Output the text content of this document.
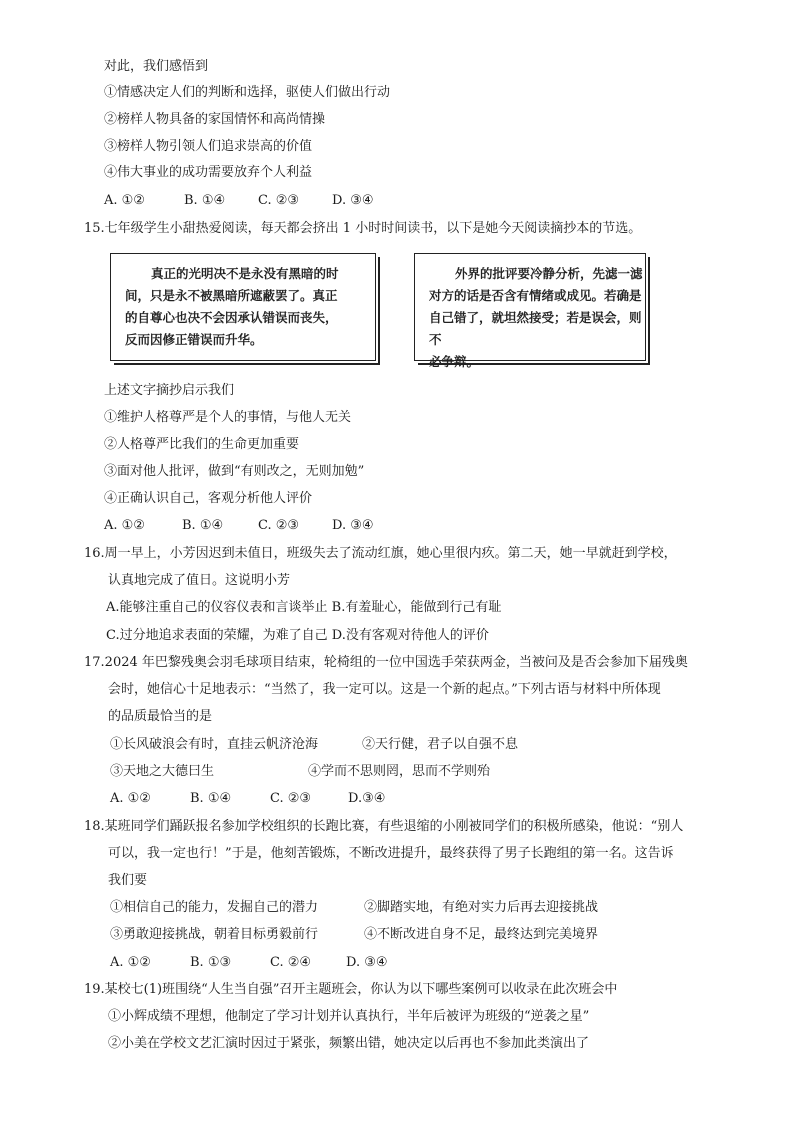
对此，我们感悟到
①情感决定人们的判断和选择，驱使人们做出行动
②榜样人物具备的家国情怀和高尚情操
③榜样人物引领人们追求崇高的价值
④伟大事业的成功需要放弃个人利益
A. ①②	B. ①④	C. ②③	D. ③④
15.七年级学生小甜热爱阅读，每天都会挤出 1 小时时间读书，以下是她今天阅读摘抄本的节选。
真正的光明决不是永没有黑暗的时
间，只是永不被黑暗所遮蔽罢了。真正
的自尊心也决不会因承认错误而丧失，
反而因修正错误而升华。
外界的批评要冷静分析，先滤一滤
对方的话是否含有情绪或成见。若确是
自己错了，就坦然接受；若是误会，则不
必争辩。
上述文字摘抄启示我们
①维护人格尊严是个人的事情，与他人无关
②人格尊严比我们的生命更加重要
③面对他人批评，做到“有则改之，无则加勉”
④正确认识自己，客观分析他人评价
A. ①②	B. ①④	C. ②③	D. ③④
16.周一早上，小芳因迟到未值日，班级失去了流动红旗，她心里很内疚。第二天，她一早就赶到学校，
认真地完成了值日。这说明小芳
A.能够注重自己的仪容仪表和言谈举止 B.有羞耻心，能做到行己有耻
C.过分地追求表面的荣耀，为难了自己 D.没有客观对待他人的评价
17.2024 年巴黎残奥会羽毛球项目结束，轮椅组的一位中国选手荣获两金，当被问及是否会参加下届残奥
会时，她信心十足地表示：“当然了，我一定可以。这是一个新的起点。”下列古语与材料中所体现
的品质最恰当的是
①长风破浪会有时，直挂云帆济沧海	②天行健，君子以自强不息
③天地之大德曰生	④学而不思则罔，思而不学则殆
A. ①②	B. ①④	C. ②③	D.③④
18.某班同学们踊跃报名参加学校组织的长跑比赛，有些退缩的小刚被同学们的积极所感染，他说：“别人
可以，我一定也行！”于是，他刻苦锻炼，不断改进提升，最终获得了男子长跑组的第一名。这告诉
我们要
①相信自己的能力，发掘自己的潜力	②脚踏实地，有绝对实力后再去迎接挑战
③勇敢迎接挑战，朝着目标勇毅前行	④不断改进自身不足，最终达到完美境界
A. ①②	B. ①③	C. ②④	D. ③④
19.某校七(1)班围绕“人生当自强”召开主题班会，你认为以下哪些案例可以收录在此次班会中
①小辉成绩不理想，他制定了学习计划并认真执行，半年后被评为班级的“逆袭之星”
②小美在学校文艺汇演时因过于紧张，频繁出错，她决定以后再也不参加此类演出了
